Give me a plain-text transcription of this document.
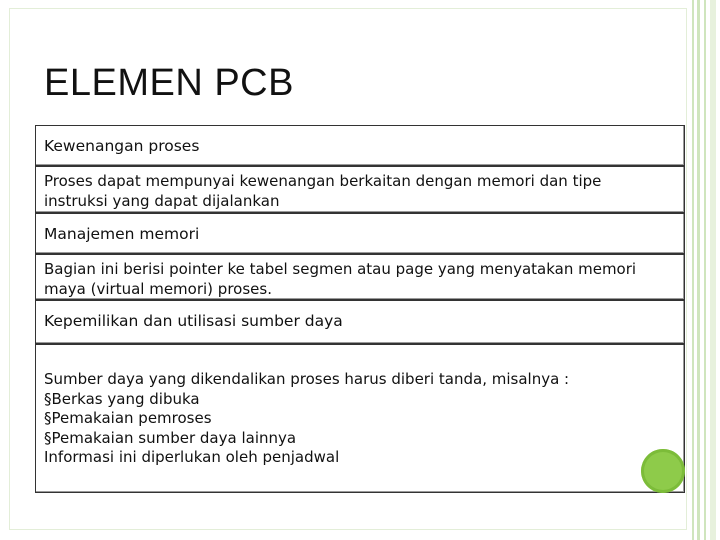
ELEMEN PCB
Kewenangan proses
Proses dapat mempunyai kewenangan berkaitan dengan memori dan tipe
instruksi yang dapat dijalankan
Manajemen memori
Bagian ini berisi pointer ke tabel segmen atau page yang menyatakan memori
maya (virtual memori) proses.
Kepemilikan dan utilisasi sumber daya
Sumber daya yang dikendalikan proses harus diberi tanda, misalnya :
§Berkas yang dibuka
§Pemakaian pemroses
§Pemakaian sumber daya lainnya
Informasi ini diperlukan oleh penjadwal
